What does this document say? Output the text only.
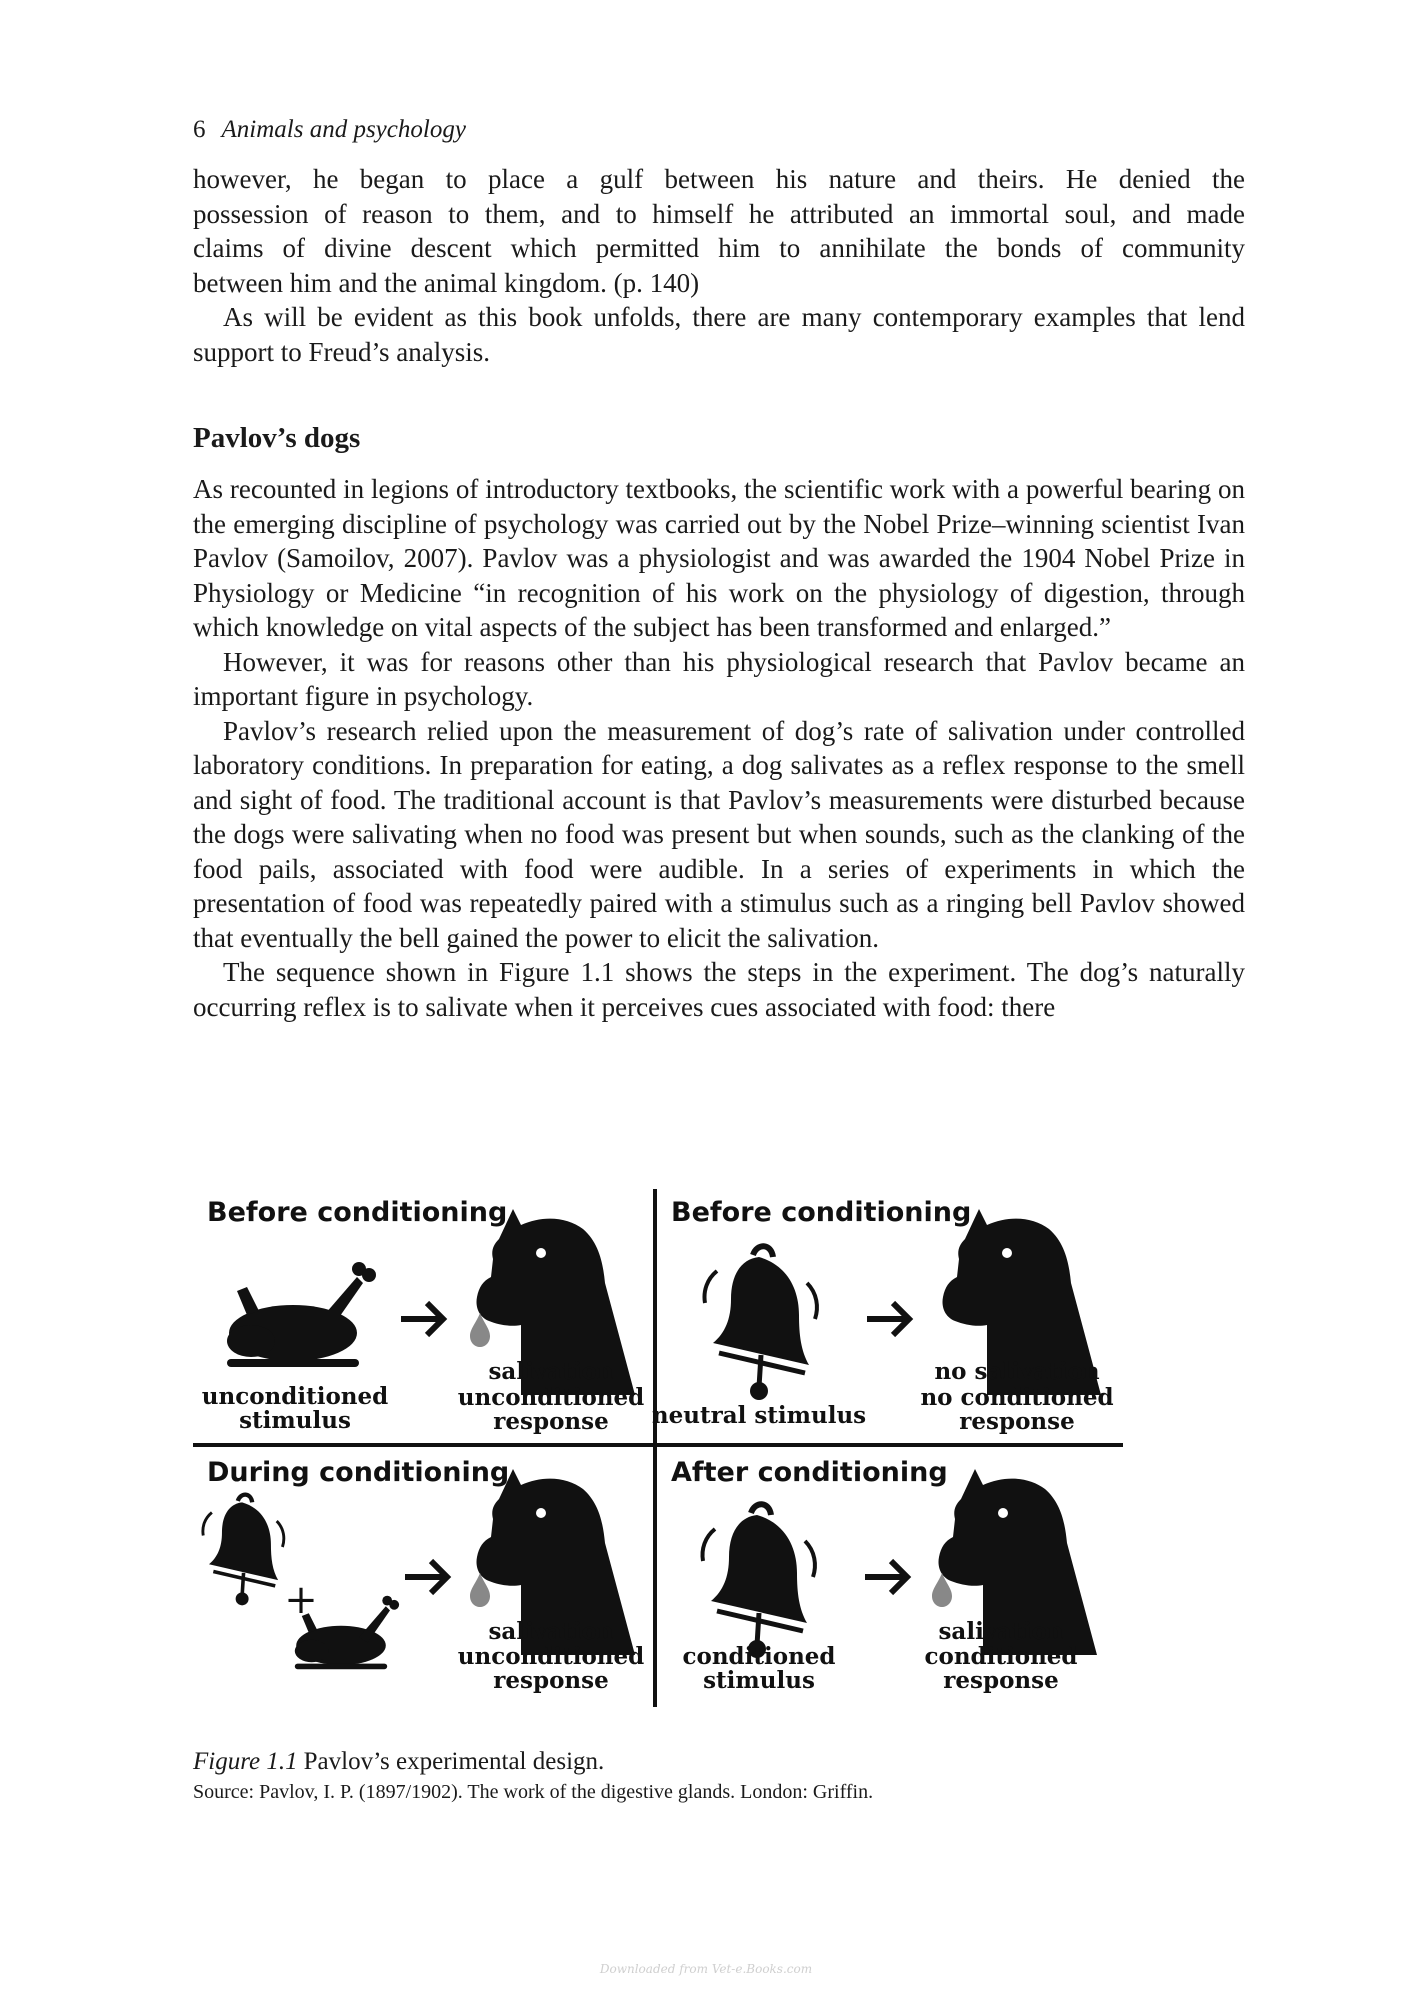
6 Animals and psychology
however, he began to place a gulf between his nature and theirs. He denied the
possession of reason to them, and to himself he attributed an immortal soul, and made
claims of divine descent which permitted him to annihilate the bonds of community
between him and the animal kingdom. (p. 140)

As will be evident as this book unfolds, there are many contemporary examples that lend support to Freud’s analysis.

Pavlov’s dogs

As recounted in legions of introductory textbooks, the scientific work with a powerful bearing on the emerging discipline of psychology was carried out by the Nobel Prize–winning scientist Ivan Pavlov (Samoilov, 2007). Pavlov was a physiologist and was awarded the 1904 Nobel Prize in Physiology or Medicine “in recognition of his work on the physiology of digestion, through which knowledge on vital aspects of the subject has been transformed and enlarged.”

However, it was for reasons other than his physiological research that Pavlov became an important figure in psychology.

Pavlov’s research relied upon the measurement of dog’s rate of salivation under controlled laboratory conditions. In preparation for eating, a dog salivates as a reflex response to the smell and sight of food. The traditional account is that Pavlov’s measurements were disturbed because the dogs were salivating when no food was present but when sounds, such as the clanking of the food pails, associated with food were audible. In a series of experiments in which the presentation of food was repeatedly paired with a stimulus such as a ringing bell Pavlov showed that eventually the bell gained the power to elicit the salivation.

The sequence shown in Figure 1.1 shows the steps in the experiment. The dog’s naturally occurring reflex is to salivate when it perceives cues associated with food: there

Before conditioning
unconditioned
stimulus
salivation
unconditioned
response
Before conditioning
neutral stimulus
no salivation
no conditioned
response
During conditioning
+
salivation
unconditioned
response
After conditioning
conditioned
stimulus
salivation
conditioned
response
Figure 1.1 Pavlov’s experimental design.
Source: Pavlov, I. P. (1897/1902). The work of the digestive glands. London: Griffin.
Downloaded from Vet-e.Books.com
